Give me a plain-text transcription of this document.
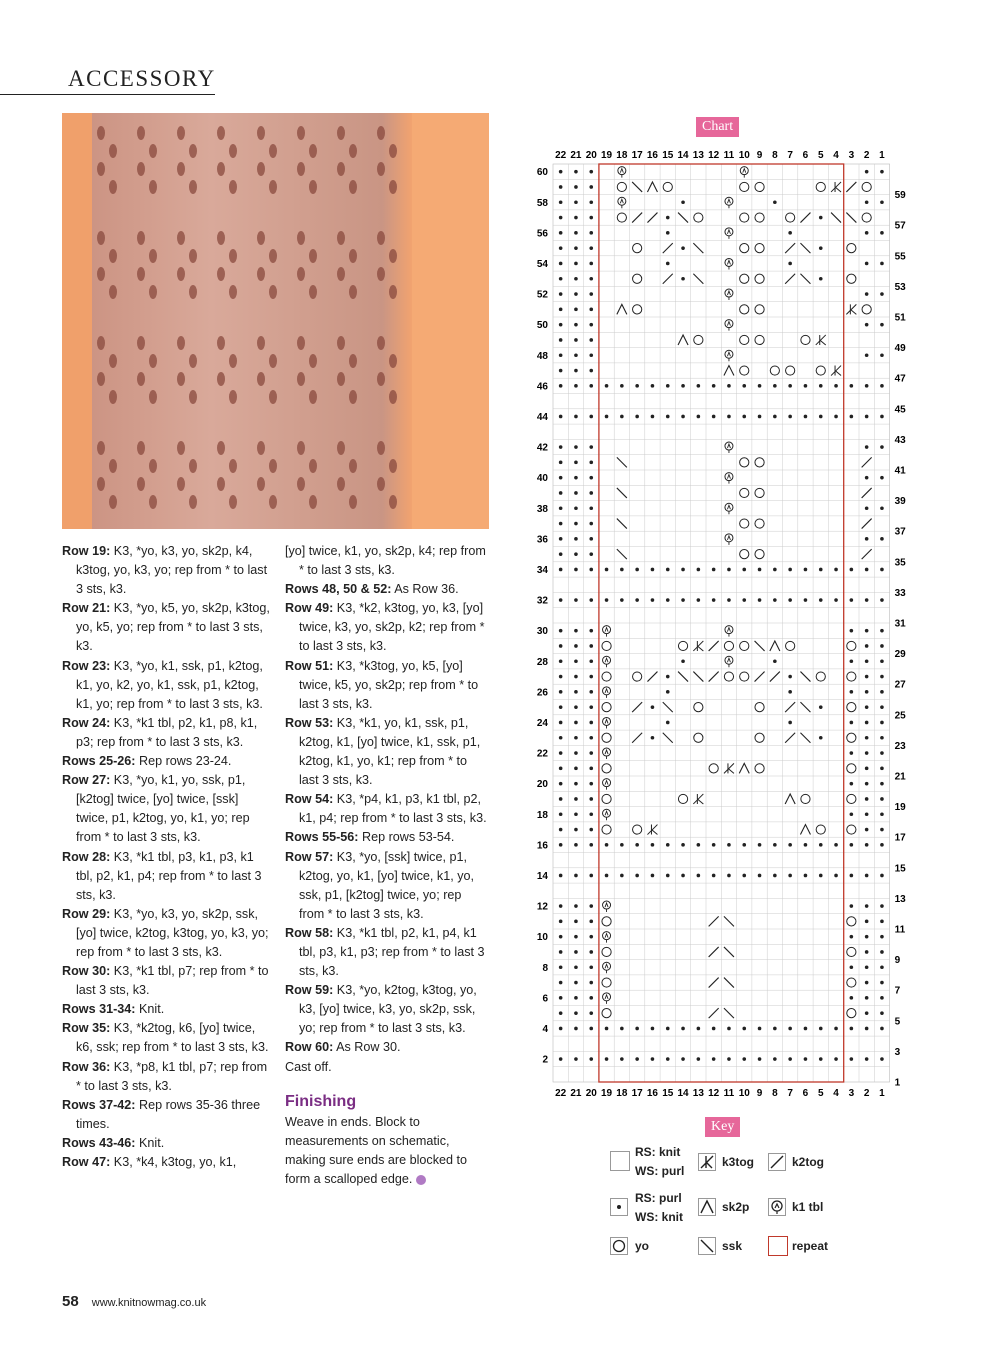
ACCESSORY

Row 19: K3, *yo, k3, yo, sk2p, k4, k3tog, yo, k3, yo; rep from * to last 3 sts, k3.

Row 21: K3, *yo, k5, yo, sk2p, k3tog, yo, k5, yo; rep from * to last 3 sts, k3.

Row 23: K3, *yo, k1, ssk, p1, k2tog, k1, yo, k2, yo, k1, ssk, p1, k2tog, k1, yo; rep from * to last 3 sts, k3.

Row 24: K3, *k1 tbl, p2, k1, p8, k1, p3; rep from * to last 3 sts, k3.

Rows 25-26: Rep rows 23-24.

Row 27: K3, *yo, k1, yo, ssk, p1, [k2tog] twice, [yo] twice, [ssk] twice, p1, k2tog, yo, k1, yo; rep from * to last 3 sts, k3.

Row 28: K3, *k1 tbl, p3, k1, p3, k1 tbl, p2, k1, p4; rep from * to last 3 sts, k3.

Row 29: K3, *yo, k3, yo, sk2p, ssk, [yo] twice, k2tog, k3tog, yo, k3, yo; rep from * to last 3 sts, k3.

Row 30: K3, *k1 tbl, p7; rep from * to last 3 sts, k3.

Rows 31-34: Knit.

Row 35: K3, *k2tog, k6, [yo] twice, k6, ssk; rep from * to last 3 sts, k3.

Row 36: K3, *p8, k1 tbl, p7; rep from * to last 3 sts, k3.

Rows 37-42: Rep rows 35-36 three times.

Rows 43-46: Knit.

Row 47: K3, *k4, k3tog, yo, k1,

[yo] twice, k1, yo, sk2p, k4; rep from * to last 3 sts, k3.

Rows 48, 50 & 52: As Row 36.

Row 49: K3, *k2, k3tog, yo, k3, [yo] twice, k3, yo, sk2p, k2; rep from * to last 3 sts, k3.

Row 51: K3, *k3tog, yo, k5, [yo] twice, k5, yo, sk2p; rep from * to last 3 sts, k3.

Row 53: K3, *k1, yo, k1, ssk, p1, k2tog, k1, [yo] twice, k1, ssk, p1, k2tog, k1, yo, k1; rep from * to last 3 sts, k3.

Row 54: K3, *p4, k1, p3, k1 tbl, p2, k1, p4; rep from * to last 3 sts, k3.

Rows 55-56: Rep rows 53-54.

Row 57: K3, *yo, [ssk] twice, p1, k2tog, yo, k1, [yo] twice, k1, yo, ssk, p1, [k2tog] twice, yo; rep from * to last 3 sts, k3.

Row 58: K3, *k1 tbl, p2, k1, p4, k1 tbl, p3, k1, p3; rep from * to last 3 sts, k3.

Row 59: K3, *yo, k2tog, k3tog, yo, k3, [yo] twice, k3, yo, sk2p, ssk, yo; rep from * to last 3 sts, k3.

Row 60: As Row 30.

Cast off.

Finishing

Weave in ends. Block to measurements on schematic, making sure ends are blocked to form a scalloped edge.

Chart
22
22
21
21
20
20
19
19
18
18
17
17
16
16
15
15
14
14
13
13
12
12
11
11
10
10
9
9
8
8
7
7
6
6
5
5
4
4
3
3
2
2
1
1
60
59
58
57
56
55
54
53
52
51
50
49
48
47
46
45
44
43
42
41
40
39
38
37
36
35
34
33
32
31
30
29
28
27
26
25
24
23
22
21
20
19
18
17
16
15
14
13
12
11
10
9
8
7
6
5
4
3
2
1
Key
RS: knit
WS: purl
k3tog	k2tog
RS: purl
WS: knit
sk2p	k1 tbl
yo	ssk	repeat
58 www.knitnowmag.co.uk
